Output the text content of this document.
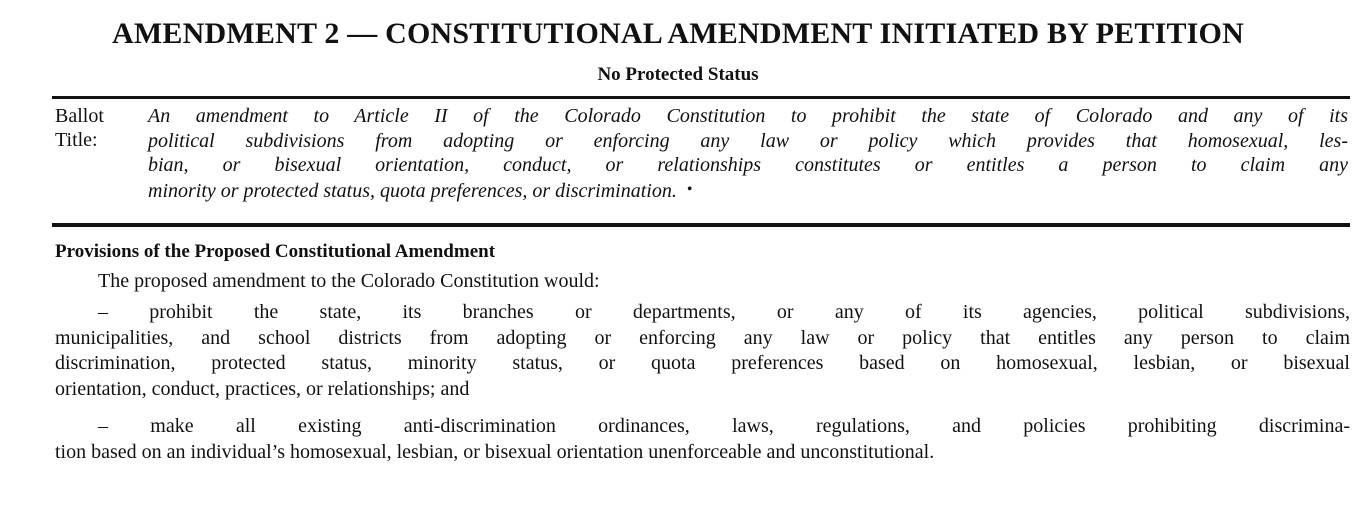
AMENDMENT 2 — CONSTITUTIONAL AMENDMENT INITIATED BY PETITION
No Protected Status
Ballot
Title:
An amendment to Article II of the Colorado Constitution to prohibit the state of Colorado and any of its
political subdivisions from adopting or enforcing any law or policy which provides that homosexual, les-
bian, or bisexual orientation, conduct, or relationships constitutes or entitles a person to claim any
minority or protected status, quota preferences, or discrimination. •
Provisions of the Proposed Constitutional Amendment
The proposed amendment to the Colorado Constitution would:
– prohibit the state, its branches or departments, or any of its agencies, political subdivisions,
municipalities, and school districts from adopting or enforcing any law or policy that entitles any person to claim
discrimination, protected status, minority status, or quota preferences based on homosexual, lesbian, or bisexual
orientation, conduct, practices, or relationships; and
– make all existing anti-discrimination ordinances, laws, regulations, and policies prohibiting discrimina-
tion based on an individual’s homosexual, lesbian, or bisexual orientation unenforceable and unconstitutional.
